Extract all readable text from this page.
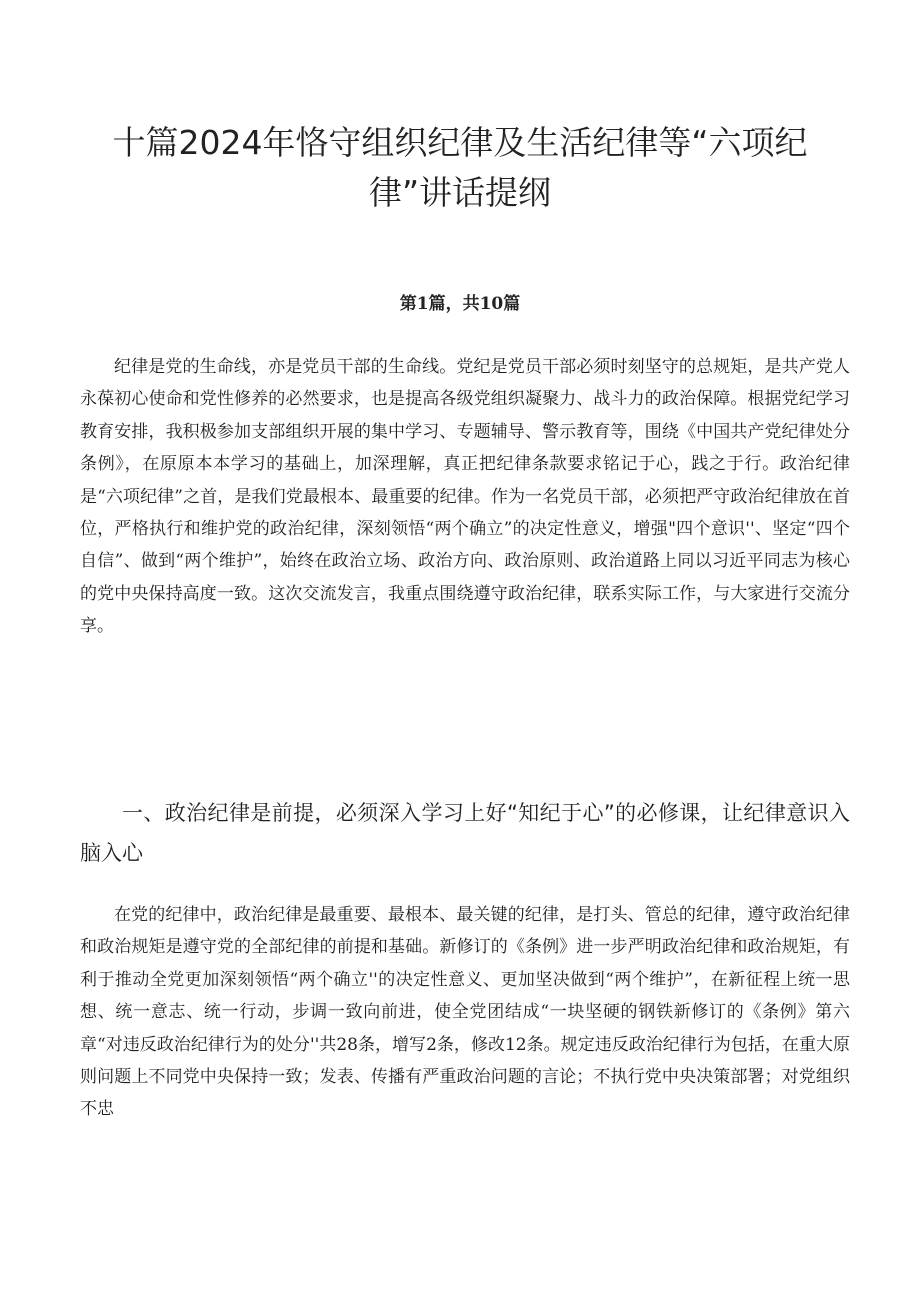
十篇2024年恪守组织纪律及生活纪律等“六项纪
律”讲话提纲
第1篇，共10篇

纪律是党的生命线，亦是党员干部的生命线。党纪是党员干部必须时刻坚守的总规矩，是共产党人永葆初心使命和党性修养的必然要求，也是提高各级党组织凝聚力、战斗力的政治保障。根据党纪学习教育安排，我积极参加支部组织开展的集中学习、专题辅导、警示教育等，围绕《中国共产党纪律处分条例》，在原原本本学习的基础上，加深理解，真正把纪律条款要求铭记于心，践之于行。政治纪律是“六项纪律”之首，是我们党最根本、最重要的纪律。作为一名党员干部，必须把严守政治纪律放在首位，严格执行和维护党的政治纪律，深刻领悟“两个确立”的决定性意义，增强"四个意识''、坚定“四个自信”、做到“两个维护”，始终在政治立场、政治方向、政治原则、政治道路上同以习近平同志为核心的党中央保持高度一致。这次交流发言，我重点围绕遵守政治纪律，联系实际工作，与大家进行交流分享。

一、政治纪律是前提，必须深入学习上好“知纪于心”的必修课，让纪律意识入脑入心

在党的纪律中，政治纪律是最重要、最根本、最关键的纪律，是打头、管总的纪律，遵守政治纪律和政治规矩是遵守党的全部纪律的前提和基础。新修订的《条例》进一步严明政治纪律和政治规矩，有利于推动全党更加深刻领悟“两个确立''的决定性意义、更加坚决做到“两个维护”，在新征程上统一思想、统一意志、统一行动，步调一致向前进，使全党团结成“一块坚硬的钢铁新修订的《条例》第六章“对违反政治纪律行为的处分''共28条，增写2条，修改12条。规定违反政治纪律行为包括，在重大原则问题上不同党中央保持一致；发表、传播有严重政治问题的言论；不执行党中央决策部署；对党组织不忠
